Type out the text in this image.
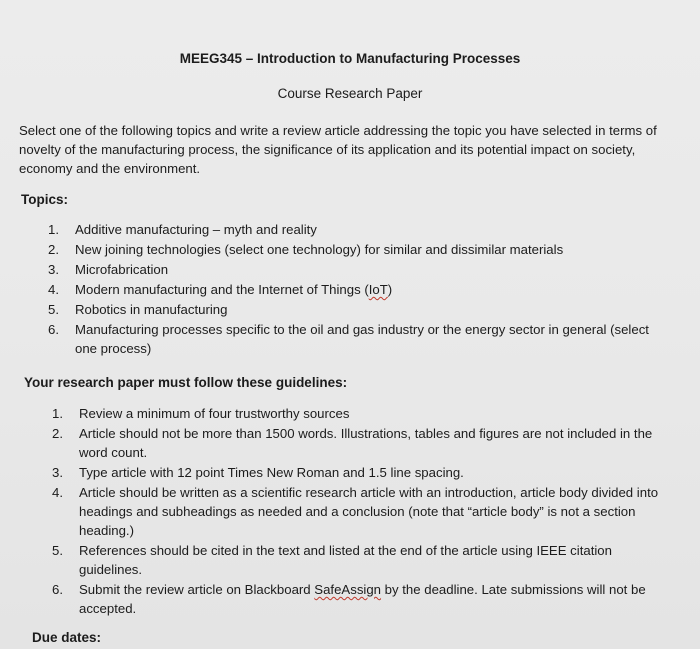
MEEG345 – Introduction to Manufacturing Processes
Course Research Paper
Select one of the following topics and write a review article addressing the topic you have selected in terms of novelty of the manufacturing process, the significance of its application and its potential impact on society, economy and the environment.
Topics:
1. Additive manufacturing – myth and reality
2. New joining technologies (select one technology) for similar and dissimilar materials
3. Microfabrication
4. Modern manufacturing and the Internet of Things (IoT)
5. Robotics in manufacturing
6. Manufacturing processes specific to the oil and gas industry or the energy sector in general (select one process)
Your research paper must follow these guidelines:
1. Review a minimum of four trustworthy sources
2. Article should not be more than 1500 words. Illustrations, tables and figures are not included in the word count.
3. Type article with 12 point Times New Roman and 1.5 line spacing.
4. Article should be written as a scientific research article with an introduction, article body divided into headings and subheadings as needed and a conclusion (note that “article body” is not a section heading.)
5. References should be cited in the text and listed at the end of the article using IEEE citation guidelines.
6. Submit the review article on Blackboard SafeAssign by the deadline. Late submissions will not be accepted.
Due dates:
